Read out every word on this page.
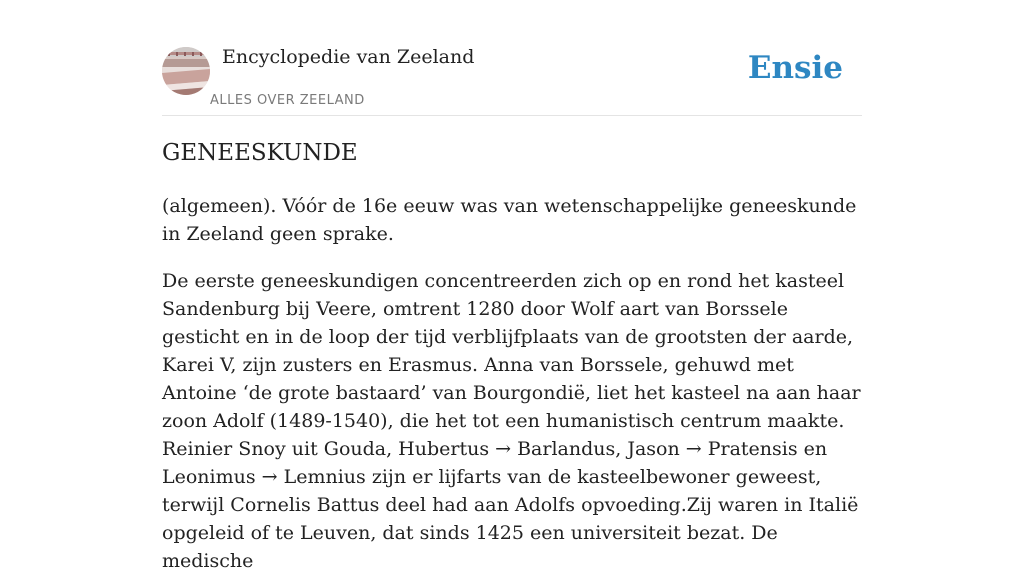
Encyclopedie van Zeeland
ALLES OVER ZEELAND
Ensie
GENEESKUNDE

(algemeen). Vóór de 16e eeuw was van wetenschappelijke geneeskunde in Zeeland geen sprake.

De eerste geneeskundigen concentreerden zich op en rond het kasteel Sandenburg bij Veere, omtrent 1280 door Wolf aart van Borssele gesticht en in de loop der tijd verblijfplaats van de grootsten der aarde, Karei V, zijn zusters en Erasmus. Anna van Borssele, gehuwd met Antoine ‘de grote bastaard’ van Bourgondië, liet het kasteel na aan haar zoon Adolf (1489-1540), die het tot een humanistisch centrum maakte. Reinier Snoy uit Gouda, Hubertus → Barlandus, Jason → Pratensis en Leonimus → Lemnius zijn er lijfarts van de kasteelbewoner geweest, terwijl Cornelis Battus deel had aan Adolfs opvoeding.Zij waren in Italië opgeleid of te Leuven, dat sinds 1425 een universiteit bezat. De medische
